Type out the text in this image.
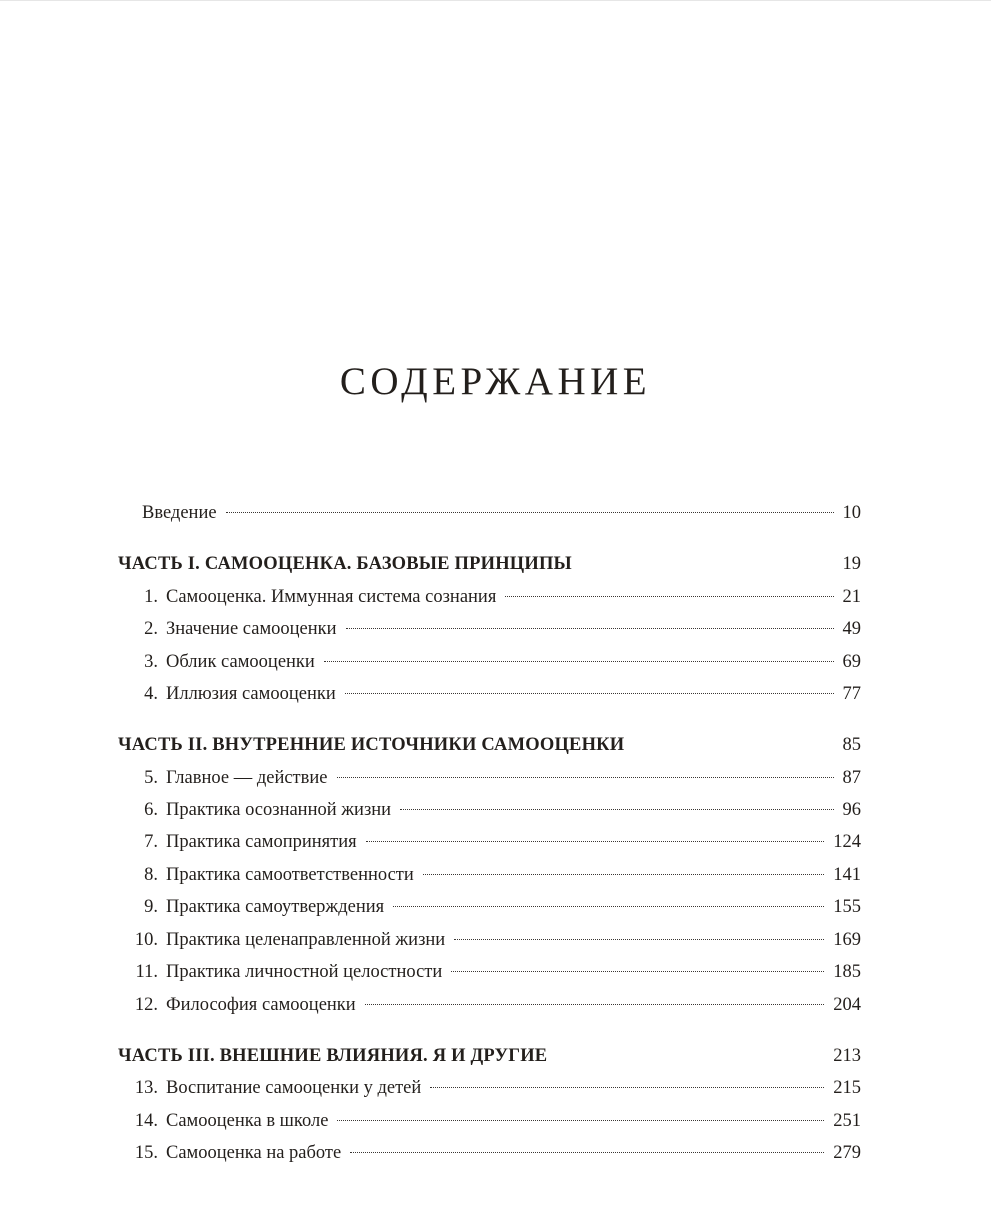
СОДЕРЖАНИЕ
Введение	10
ЧАСТЬ I. САМООЦЕНКА. БАЗОВЫЕ ПРИНЦИПЫ	19
1. Самооценка. Иммунная система сознания	21
2. Значение самооценки	49
3. Облик самооценки	69
4. Иллюзия самооценки	77
ЧАСТЬ II. ВНУТРЕННИЕ ИСТОЧНИКИ САМООЦЕНКИ	85
5. Главное — действие	87
6. Практика осознанной жизни	96
7. Практика самопринятия	124
8. Практика самоответственности	141
9. Практика самоутверждения	155
10. Практика целенаправленной жизни	169
11. Практика личностной целостности	185
12. Философия самооценки	204
ЧАСТЬ III. ВНЕШНИЕ ВЛИЯНИЯ. Я И ДРУГИЕ	213
13. Воспитание самооценки у детей	215
14. Самооценка в школе	251
15. Самооценка на работе	279
